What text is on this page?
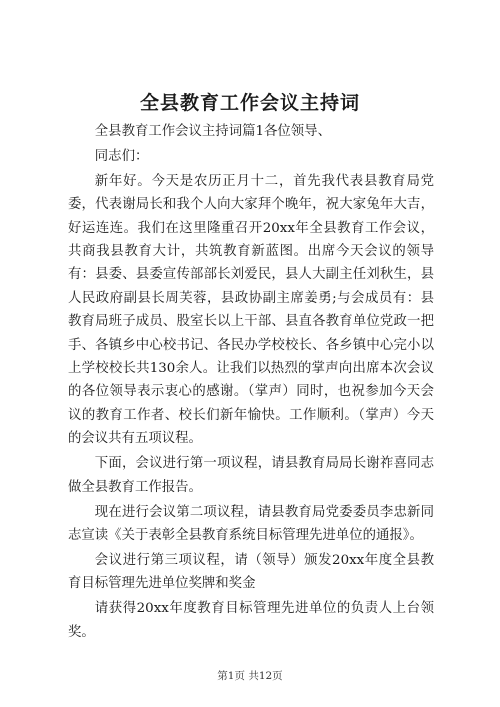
全县教育工作会议主持词

全县教育工作会议主持词篇1各位领导、

同志们：

新年好。今天是农历正月十二，首先我代表县教育局党委，代表谢局长和我个人向大家拜个晚年，祝大家兔年大吉，好运连连。我们在这里隆重召开20xx年全县教育工作会议，共商我县教育大计，共筑教育新蓝图。出席今天会议的领导有：县委、县委宣传部部长刘爱民，县人大副主任刘秋生，县人民政府副县长周芙蓉，县政协副主席姜勇;与会成员有：县教育局班子成员、股室长以上干部、县直各教育单位党政一把手、各镇乡中心校书记、各民办学校校长、各乡镇中心完小以上学校校长共130余人。让我们以热烈的掌声向出席本次会议的各位领导表示衷心的感谢。（掌声）同时，也祝参加今天会议的教育工作者、校长们新年愉快。工作顺利。（掌声）今天的会议共有五项议程。

下面，会议进行第一项议程，请县教育局局长谢祚喜同志做全县教育工作报告。

现在进行会议第二项议程，请县教育局党委委员李忠新同志宣读《关于表彰全县教育系统目标管理先进单位的通报》。

会议进行第三项议程，请（领导）颁发20xx年度全县教育目标管理先进单位奖牌和奖金

请获得20xx年度教育目标管理先进单位的负责人上台领奖。

第1页 共12页
